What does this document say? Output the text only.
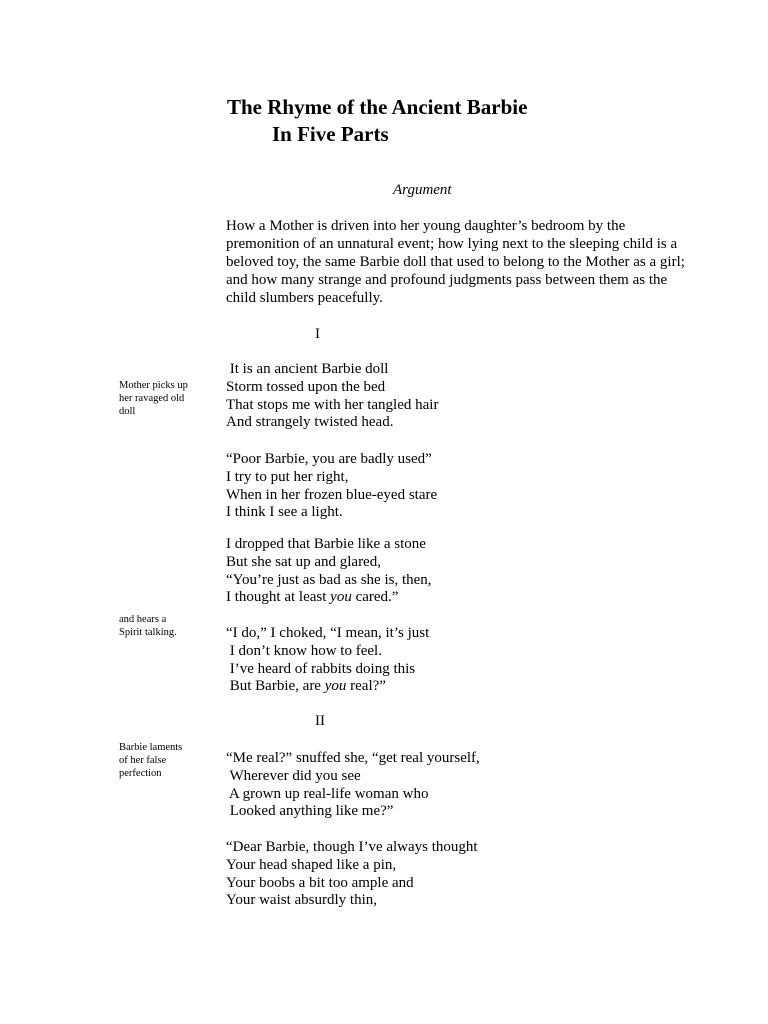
The Rhyme of the Ancient Barbie
In Five Parts

Argument

How a Mother is driven into her young daughter’s bedroom by the premonition of an unnatural event; how lying next to the sleeping child is a beloved toy, the same Barbie doll that used to belong to the Mother as a girl; and how many strange and profound judgments pass between them as the child slumbers peacefully.

I

II

Mother picks up
her ravaged old
doll
and hears a
Spirit talking.
Barbie laments
of her false
perfection
It is an ancient Barbie doll
Storm tossed upon the bed
That stops me with her tangled hair
And strangely twisted head.
“Poor Barbie, you are badly used”
I try to put her right,
When in her frozen blue-eyed stare
I think I see a light.
I dropped that Barbie like a stone
But she sat up and glared,
“You’re just as bad as she is, then,
I thought at least you cared.”
“I do,” I choked, “I mean, it’s just
I don’t know how to feel.
I’ve heard of rabbits doing this
But Barbie, are you real?”
“Me real?” snuffed she, “get real yourself,
Wherever did you see
A grown up real-life woman who
Looked anything like me?”
“Dear Barbie, though I’ve always thought
Your head shaped like a pin,
Your boobs a bit too ample and
Your waist absurdly thin,
